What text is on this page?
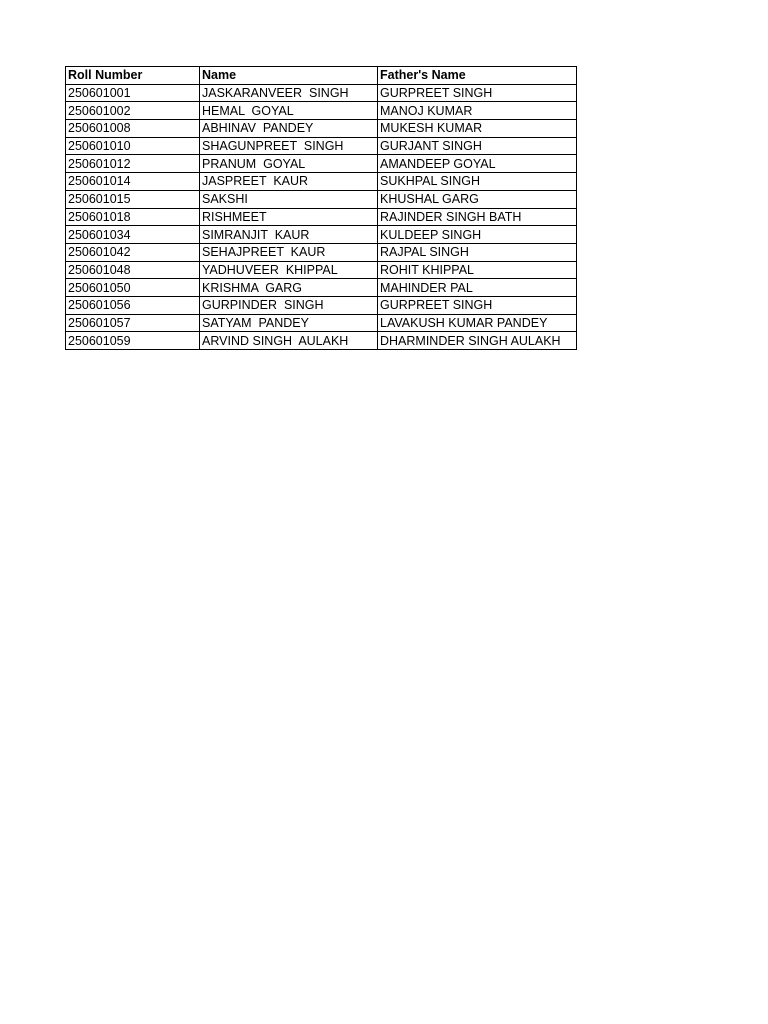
Roll Number	Name	Father's Name
250601001	JASKARANVEER  SINGH	GURPREET SINGH
250601002	HEMAL  GOYAL	MANOJ KUMAR
250601008	ABHINAV  PANDEY	MUKESH KUMAR
250601010	SHAGUNPREET  SINGH	GURJANT SINGH
250601012	PRANUM  GOYAL	AMANDEEP GOYAL
250601014	JASPREET  KAUR	SUKHPAL SINGH
250601015	SAKSHI	KHUSHAL GARG
250601018	RISHMEET	RAJINDER SINGH BATH
250601034	SIMRANJIT  KAUR	KULDEEP SINGH
250601042	SEHAJPREET  KAUR	RAJPAL SINGH
250601048	YADHUVEER  KHIPPAL	ROHIT KHIPPAL
250601050	KRISHMA  GARG	MAHINDER PAL
250601056	GURPINDER  SINGH	GURPREET SINGH
250601057	SATYAM  PANDEY	LAVAKUSH KUMAR PANDEY
250601059	ARVIND SINGH  AULAKH	DHARMINDER SINGH AULAKH
